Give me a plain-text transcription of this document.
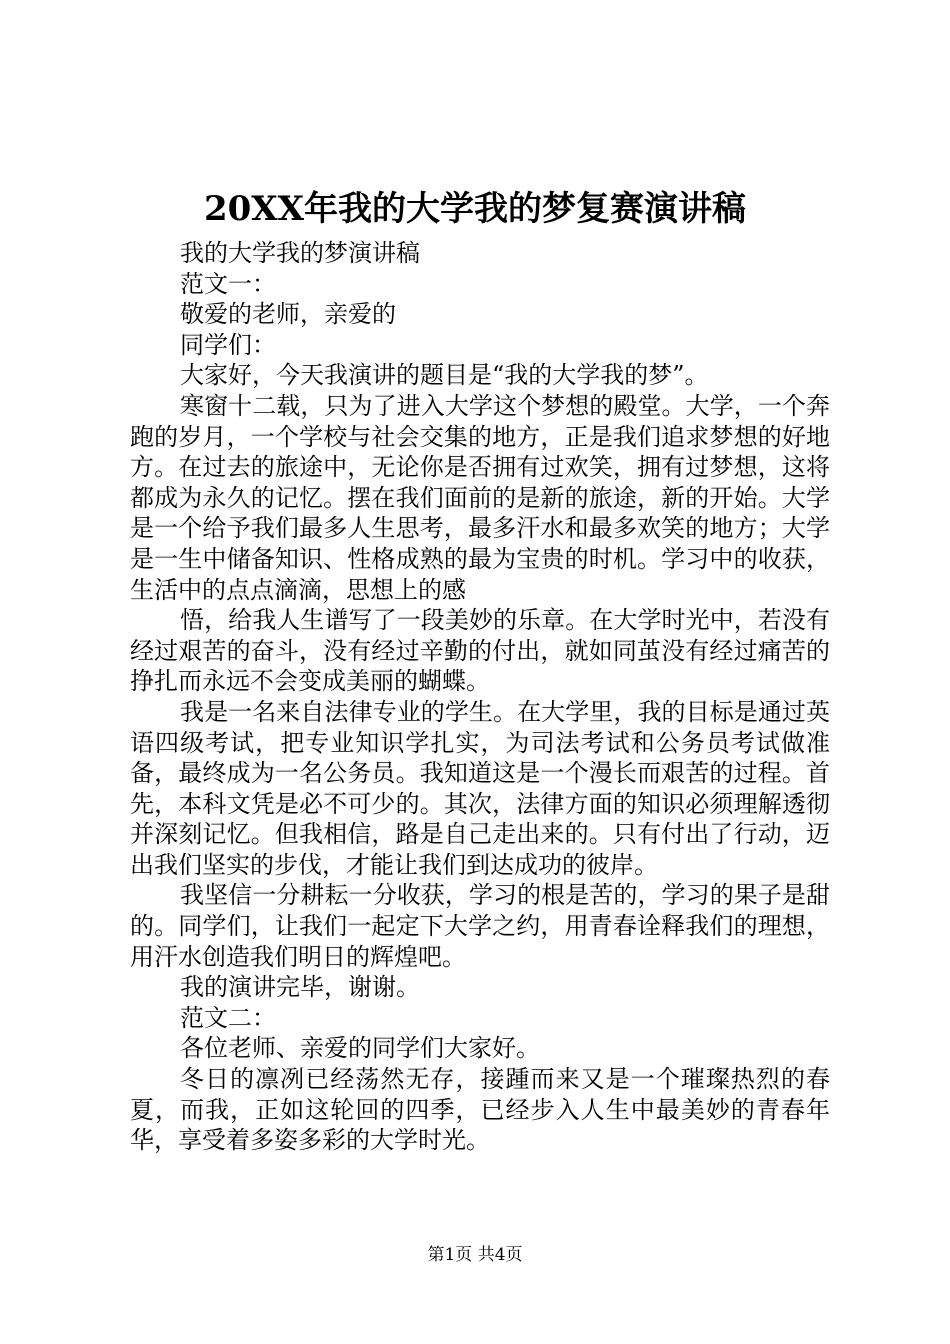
20XX年我的大学我的梦复赛演讲稿

我的大学我的梦演讲稿

范文一：

敬爱的老师，亲爱的

同学们：

大家好，今天我演讲的题目是“我的大学我的梦”。

寒窗十二载，只为了进入大学这个梦想的殿堂。大学，一个奔跑的岁月，一个学校与社会交集的地方，正是我们追求梦想的好地方。在过去的旅途中，无论你是否拥有过欢笑，拥有过梦想，这将都成为永久的记忆。摆在我们面前的是新的旅途，新的开始。大学是一个给予我们最多人生思考，最多汗水和最多欢笑的地方；大学是一生中储备知识、性格成熟的最为宝贵的时机。学习中的收获，生活中的点点滴滴，思想上的感

悟，给我人生谱写了一段美妙的乐章。在大学时光中，若没有经过艰苦的奋斗，没有经过辛勤的付出，就如同茧没有经过痛苦的挣扎而永远不会变成美丽的蝴蝶。

我是一名来自法律专业的学生。在大学里，我的目标是通过英语四级考试，把专业知识学扎实，为司法考试和公务员考试做准备，最终成为一名公务员。我知道这是一个漫长而艰苦的过程。首先，本科文凭是必不可少的。其次，法律方面的知识必须理解透彻并深刻记忆。但我相信，路是自己走出来的。只有付出了行动，迈出我们坚实的步伐，才能让我们到达成功的彼岸。

我坚信一分耕耘一分收获，学习的根是苦的，学习的果子是甜的。同学们，让我们一起定下大学之约，用青春诠释我们的理想，用汗水创造我们明日的辉煌吧。

我的演讲完毕，谢谢。

范文二：

各位老师、亲爱的同学们大家好。

冬日的凛冽已经荡然无存，接踵而来又是一个璀璨热烈的春夏，而我，正如这轮回的四季，已经步入人生中最美妙的青春年华，享受着多姿多彩的大学时光。

第1页 共4页
